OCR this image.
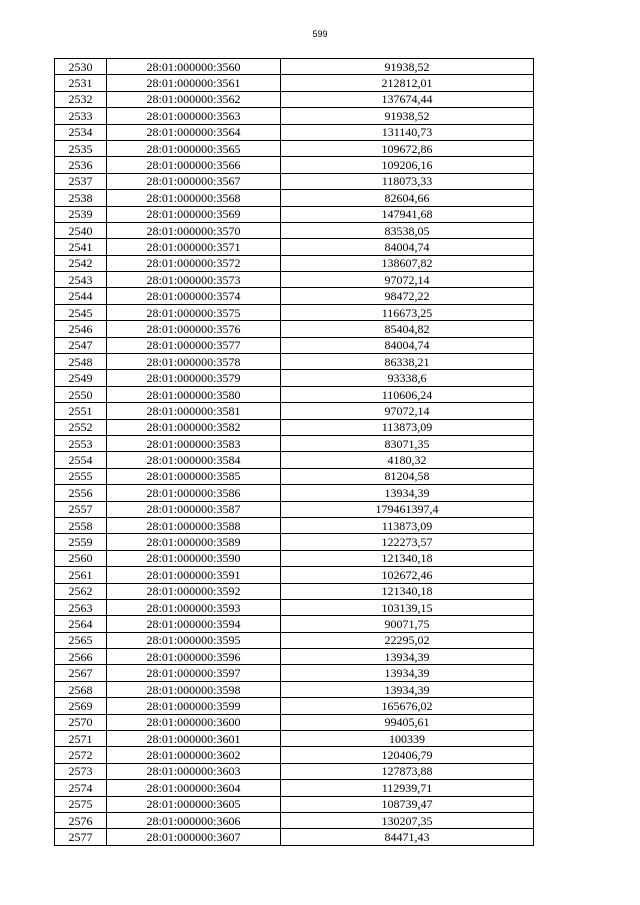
599
2530	28:01:000000:3560	91938,52
2531	28:01:000000:3561	212812,01
2532	28:01:000000:3562	137674,44
2533	28:01:000000:3563	91938,52
2534	28:01:000000:3564	131140,73
2535	28:01:000000:3565	109672,86
2536	28:01:000000:3566	109206,16
2537	28:01:000000:3567	118073,33
2538	28:01:000000:3568	82604,66
2539	28:01:000000:3569	147941,68
2540	28:01:000000:3570	83538,05
2541	28:01:000000:3571	84004,74
2542	28:01:000000:3572	138607,82
2543	28:01:000000:3573	97072,14
2544	28:01:000000:3574	98472,22
2545	28:01:000000:3575	116673,25
2546	28:01:000000:3576	85404,82
2547	28:01:000000:3577	84004,74
2548	28:01:000000:3578	86338,21
2549	28:01:000000:3579	93338,6
2550	28:01:000000:3580	110606,24
2551	28:01:000000:3581	97072,14
2552	28:01:000000:3582	113873,09
2553	28:01:000000:3583	83071,35
2554	28:01:000000:3584	4180,32
2555	28:01:000000:3585	81204,58
2556	28:01:000000:3586	13934,39
2557	28:01:000000:3587	179461397,4
2558	28:01:000000:3588	113873,09
2559	28:01:000000:3589	122273,57
2560	28:01:000000:3590	121340,18
2561	28:01:000000:3591	102672,46
2562	28:01:000000:3592	121340,18
2563	28:01:000000:3593	103139,15
2564	28:01:000000:3594	90071,75
2565	28:01:000000:3595	22295,02
2566	28:01:000000:3596	13934,39
2567	28:01:000000:3597	13934,39
2568	28:01:000000:3598	13934,39
2569	28:01:000000:3599	165676,02
2570	28:01:000000:3600	99405,61
2571	28:01:000000:3601	100339
2572	28:01:000000:3602	120406,79
2573	28:01:000000:3603	127873,88
2574	28:01:000000:3604	112939,71
2575	28:01:000000:3605	108739,47
2576	28:01:000000:3606	130207,35
2577	28:01:000000:3607	84471,43
